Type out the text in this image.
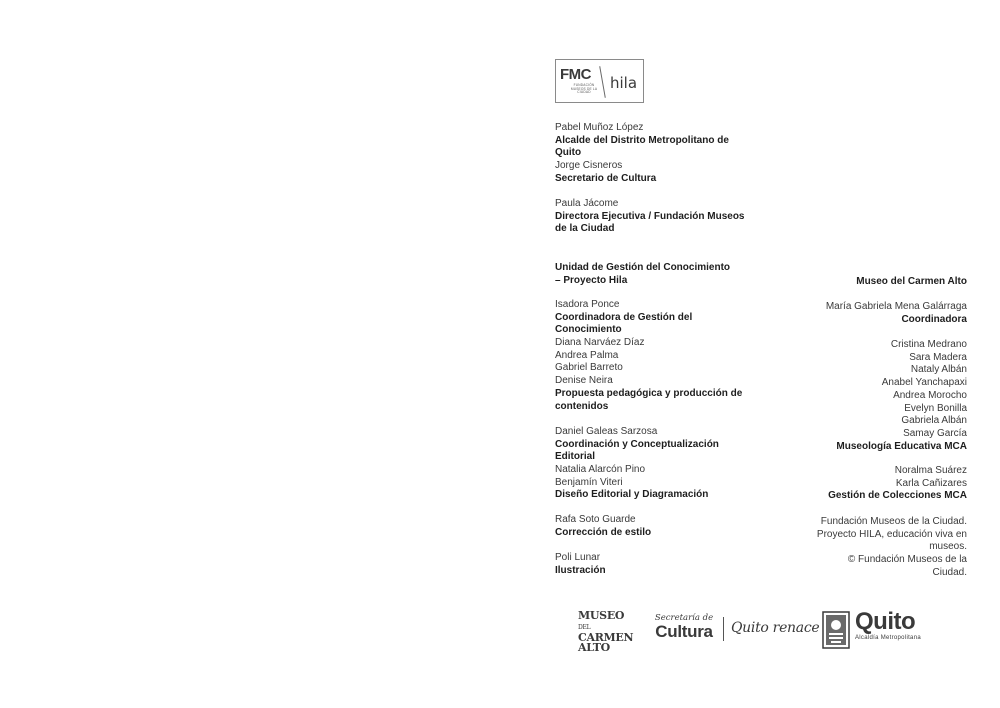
FMC
FUNDACIÓN MUSEOS DE LA CIUDAD
hila
Pabel Muñoz López
Alcalde del Distrito Metropolitano de Quito
Jorge Cisneros
Secretario de Cultura
Paula Jácome
Directora Ejecutiva / Fundación Museos de la Ciudad
Unidad de Gestión del Conocimiento – Proyecto Hila
Isadora Ponce
Coordinadora de Gestión del Conocimiento
Diana Narváez Díaz
Andrea Palma
Gabriel Barreto
Denise Neira
Propuesta pedagógica y producción de contenidos
Daniel Galeas Sarzosa
Coordinación y Conceptualización Editorial
Natalia Alarcón Pino
Benjamín Viteri
Diseño Editorial y Diagramación
Rafa Soto Guarde
Corrección de estilo
Poli Lunar
Ilustración
Museo del Carmen Alto
María Gabriela Mena Galárraga
Coordinadora
Cristina Medrano
Sara Madera
Nataly Albán
Anabel Yanchapaxi
Andrea Morocho
Evelyn Bonilla
Gabriela Albán
Samay García
Museología Educativa MCA
Noralma Suárez
Karla Cañizares
Gestión de Colecciones MCA
Fundación Museos de la Ciudad.
Proyecto HILA, educación viva en
museos.
© Fundación Museos de la
Ciudad.
MUSEO DEL
CARMEN
ALTO
Secretaría de
Cultura	Quito renace Quito
Alcaldía Metropolitana
